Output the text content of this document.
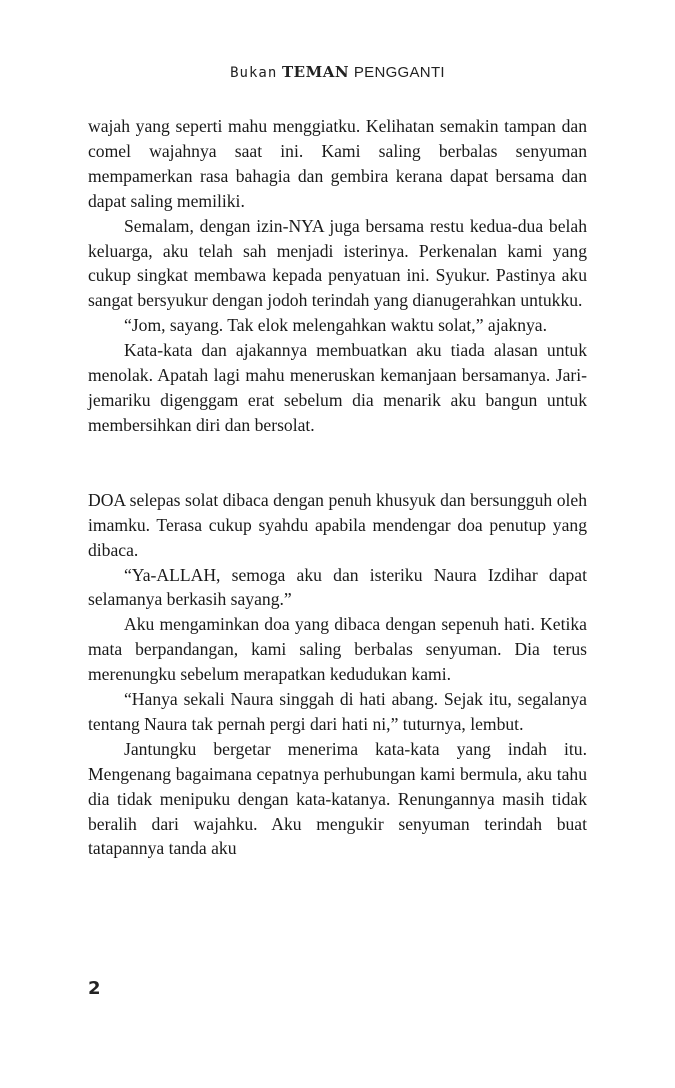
Bukan TEMAN PENGGANTI

wajah yang seperti mahu menggiatku. Kelihatan semakin tampan dan comel wajahnya saat ini. Kami saling berbalas senyuman mempamerkan rasa bahagia dan gembira kerana dapat bersama dan dapat saling memiliki.

Semalam, dengan izin-NYA juga bersama restu kedua-dua belah keluarga, aku telah sah menjadi isterinya. Perkenalan kami yang cukup singkat membawa kepada penyatuan ini. Syukur. Pastinya aku sangat bersyukur dengan jodoh terindah yang dianugerahkan untukku.

“Jom, sayang. Tak elok melengahkan waktu solat,” ajaknya.

Kata-kata dan ajakannya membuatkan aku tiada alasan untuk menolak. Apatah lagi mahu meneruskan kemanjaan bersamanya. Jari-jemariku digenggam erat sebelum dia menarik aku bangun untuk membersihkan diri dan bersolat.

DOA selepas solat dibaca dengan penuh khusyuk dan bersungguh oleh imamku. Terasa cukup syahdu apabila mendengar doa penutup yang dibaca.

“Ya-ALLAH, semoga aku dan isteriku Naura Izdihar dapat selamanya berkasih sayang.”

Aku mengaminkan doa yang dibaca dengan sepenuh hati. Ketika mata berpandangan, kami saling berbalas senyuman. Dia terus merenungku sebelum merapatkan kedudukan kami.

“Hanya sekali Naura singgah di hati abang. Sejak itu, segalanya tentang Naura tak pernah pergi dari hati ni,” tuturnya, lembut.

Jantungku bergetar menerima kata-kata yang indah itu. Mengenang bagaimana cepatnya perhubungan kami bermula, aku tahu dia tidak menipuku dengan kata-katanya. Renungannya masih tidak beralih dari wajahku. Aku mengukir senyuman terindah buat tatapannya tanda aku

2
